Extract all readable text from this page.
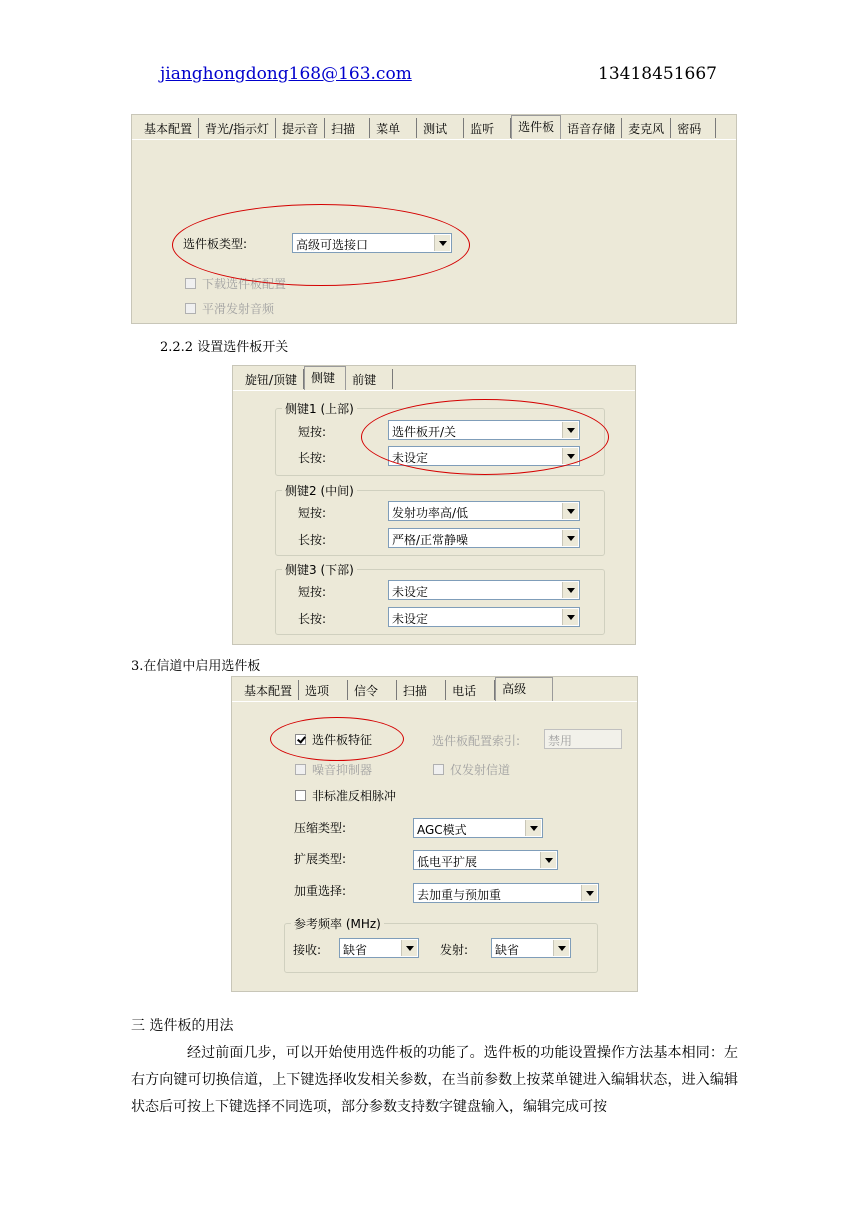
jianghongdong168@163.com	13418451667
基本配置	背光/指示灯	提示音	扫描	菜单	测试	监听	选件板	语音存储	麦克风	密码
选件板类型:	高级可选接口
下载选件板配置
平滑发射音频
2.2.2 设置选件板开关
旋钮/顶键	侧键	前键
侧键1 (上部)
短按:	选件板开/关
长按:	未设定
侧键2 (中间)
短按:	发射功率高/低
长按:	严格/正常静噪
侧键3 (下部)
短按:	未设定
长按:	未设定
3.在信道中启用选件板
基本配置	选项	信令	扫描	电话	高级
选件板特征	选件板配置索引: 禁用
噪音抑制器	仅发射信道
非标准反相脉冲
压缩类型:	AGC模式
扩展类型:	低电平扩展
加重选择:	去加重与预加重
参考频率 (MHz)
接收: 缺省	发射: 缺省
三 选件板的用法
经过前面几步，可以开始使用选件板的功能了。选件板的功能设置操作方法基本相同：左右方向键可切换信道，上下键选择收发相关参数，在当前参数上按菜单键进入编辑状态，进入编辑状态后可按上下键选择不同选项，部分参数支持数字键盘输入，编辑完成可按
